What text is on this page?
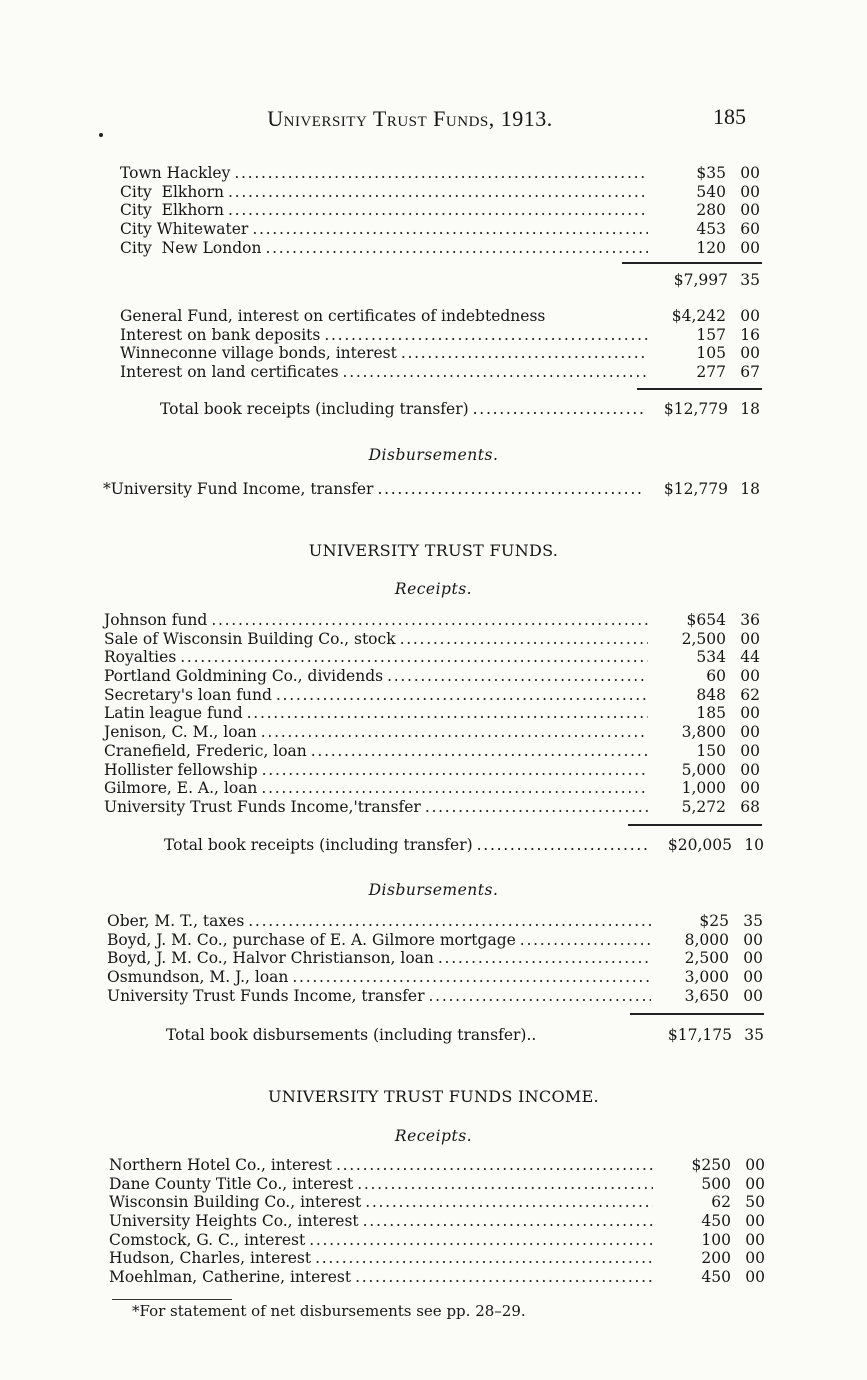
University Trust Funds, 1913.	185
Town Hackley . . .	$35 00
City  Elkhorn . . .	540 00
City  Elkhorn . . .	280 00
City Whitewater . . .	453 60
City  New London . . .	120 00
$7,997 35
General Fund, interest on certificates of indebtedness	$4,242 00
Interest on bank deposits . . .	157 16
Winneconne village bonds, interest . . .	105 00
Interest on land certificates . . .	277 67
Total book receipts (including transfer) . . .	$12,779 18
Disbursements.
*University Fund Income, transfer . . .	$12,779 18
UNIVERSITY TRUST FUNDS.
Receipts.
Johnson fund . . .	$654 36
Sale of Wisconsin Building Co., stock . . .	2,500 00
Royalties . . .	534 44
Portland Goldmining Co., dividends . . .	60 00
Secretary's loan fund . . .	848 62
Latin league fund . . .	185 00
Jenison, C. M., loan . . .	3,800 00
Cranefield, Frederic, loan . . .	150 00
Hollister fellowship . . .	5,000 00
Gilmore, E. A., loan . . .	1,000 00
University Trust Funds Income,'transfer . . .	5,272 68
Total book receipts (including transfer) . . .	$20,005 10
Disbursements.
Ober, M. T., taxes . . .	$25 35
Boyd, J. M. Co., purchase of E. A. Gilmore mortgage . . .	8,000 00
Boyd, J. M. Co., Halvor Christianson, loan . . .	2,500 00
Osmundson, M. J., loan . . .	3,000 00
University Trust Funds Income, transfer . . .	3,650 00
Total book disbursements (including transfer)..	$17,175 35
UNIVERSITY TRUST FUNDS INCOME.
Receipts.
Northern Hotel Co., interest . . .	$250 00
Dane County Title Co., interest . . .	500 00
Wisconsin Building Co., interest . . .	62 50
University Heights Co., interest . . .	450 00
Comstock, G. C., interest . . .	100 00
Hudson, Charles, interest . . .	200 00
Moehlman, Catherine, interest . . .	450 00
*For statement of net disbursements see pp. 28–29.
